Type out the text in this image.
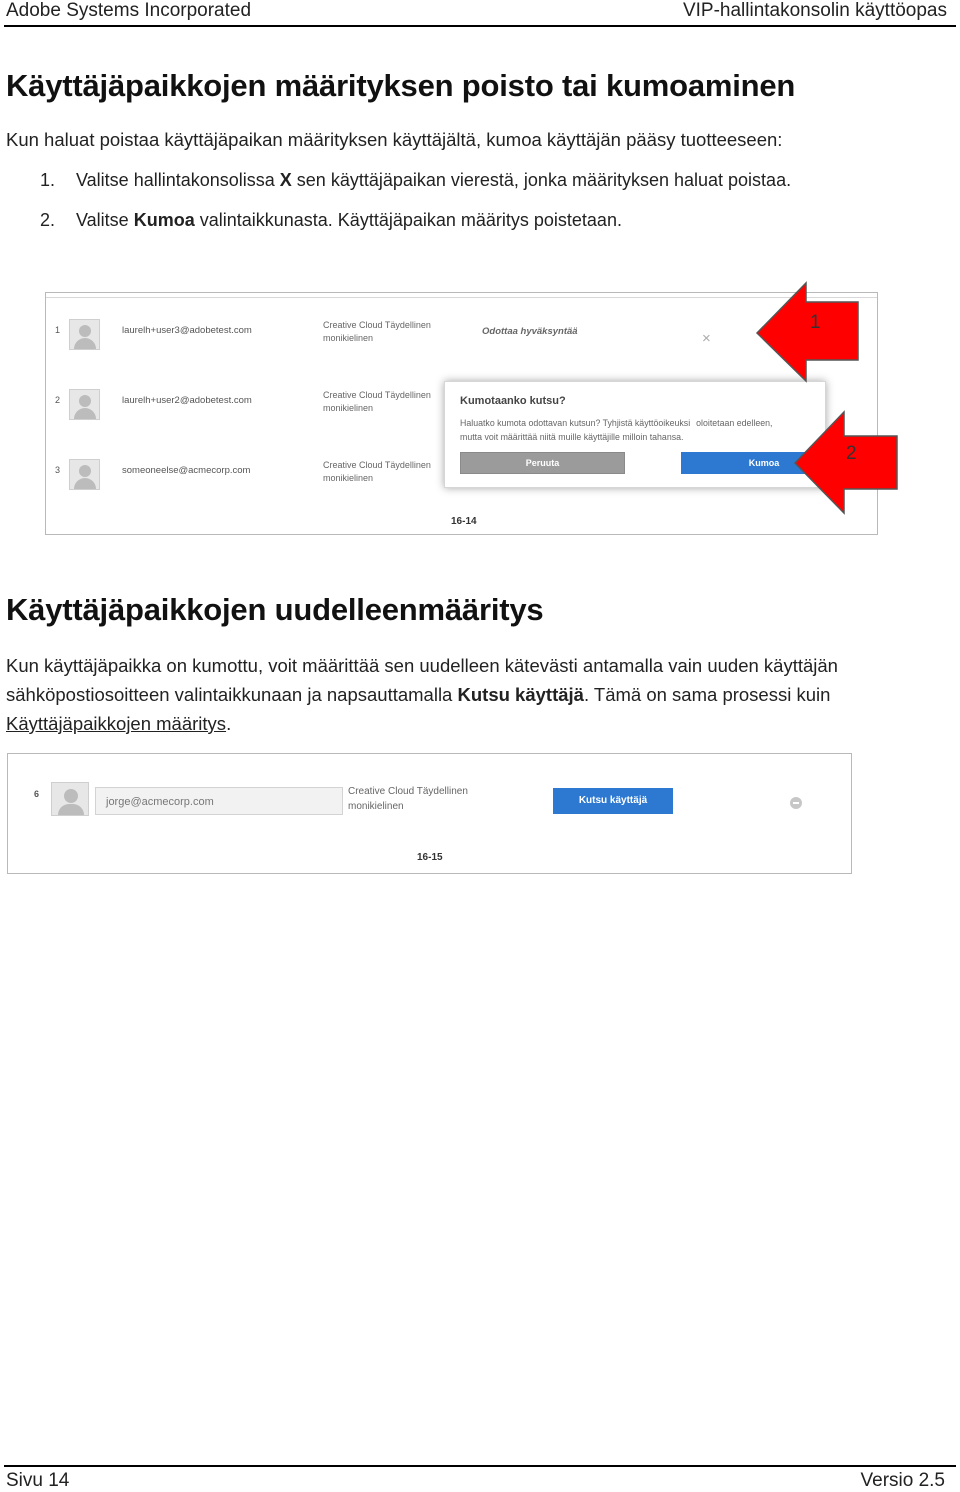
Adobe Systems Incorporated	VIP-hallintakonsolin käyttöopas
Käyttäjäpaikkojen määrityksen poisto tai kumoaminen

Kun haluat poistaa käyttäjäpaikan määrityksen käyttäjältä, kumoa käyttäjän pääsy tuotteeseen:

1. Valitse hallintakonsolissa X sen käyttäjäpaikan vierestä, jonka määrityksen haluat poistaa.
2. Valitse Kumoa valintaikkunasta. Käyttäjäpaikan määritys poistetaan.
1	laurelh+user3@adobetest.com	Creative Cloud Täydellinen
monikielinen
Odottaa hyväksyntää	×
2	laurelh+user2@adobetest.com	Creative Cloud Täydellinen
monikielinen
3	someoneelse@acmecorp.com	Creative Cloud Täydellinen
monikielinen
Kumotaanko kutsu?
Haluatko kumota odottavan kutsun? Tyhjistä käyttöoikeuksi oloitetaan edelleen,
mutta voit määrittää niitä muille käyttäjille milloin tahansa.
Peruuta	Kumoa
16-14
1
2
Käyttäjäpaikkojen uudelleenmääritys
Kun käyttäjäpaikka on kumottu, voit määrittää sen uudelleen kätevästi antamalla vain uuden käyttäjän
sähköpostiosoitteen valintaikkunaan ja napsauttamalla Kutsu käyttäjä. Tämä on sama prosessi kuin
Käyttäjäpaikkojen määritys.
6
jorge@acmecorp.com
Creative Cloud Täydellinen
monikielinen
Kutsu käyttäjä
16-15
Sivu 14	Versio 2.5
